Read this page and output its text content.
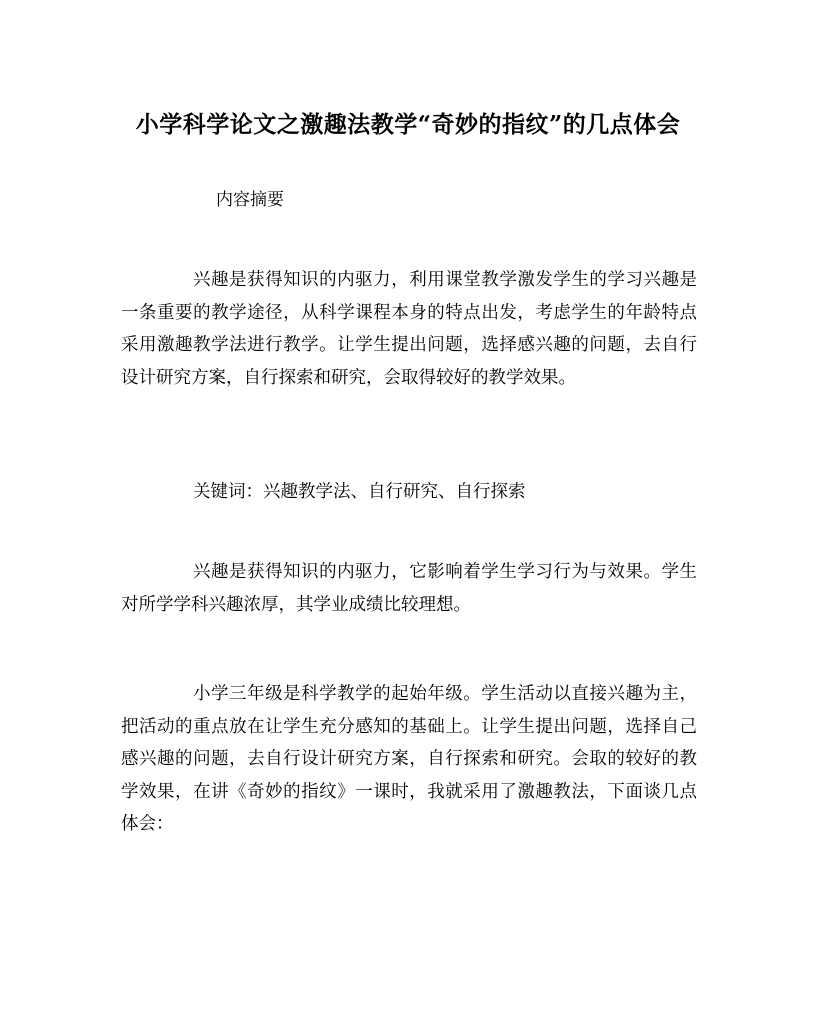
小学科学论文之激趣法教学“奇妙的指纹”的几点体会
内容摘要
兴趣是获得知识的内驱力，利用课堂教学激发学生的学习兴趣是一条重要的教学途径，从科学课程本身的特点出发，考虑学生的年龄特点采用激趣教学法进行教学。让学生提出问题，选择感兴趣的问题，去自行设计研究方案，自行探索和研究，会取得较好的教学效果。
关键词：兴趣教学法、自行研究、自行探索
兴趣是获得知识的内驱力，它影响着学生学习行为与效果。学生对所学学科兴趣浓厚，其学业成绩比较理想。
小学三年级是科学教学的起始年级。学生活动以直接兴趣为主，把活动的重点放在让学生充分感知的基础上。让学生提出问题，选择自己感兴趣的问题，去自行设计研究方案，自行探索和研究。会取的较好的教学效果，在讲《奇妙的指纹》一课时，我就采用了激趣教法，下面谈几点体会：
